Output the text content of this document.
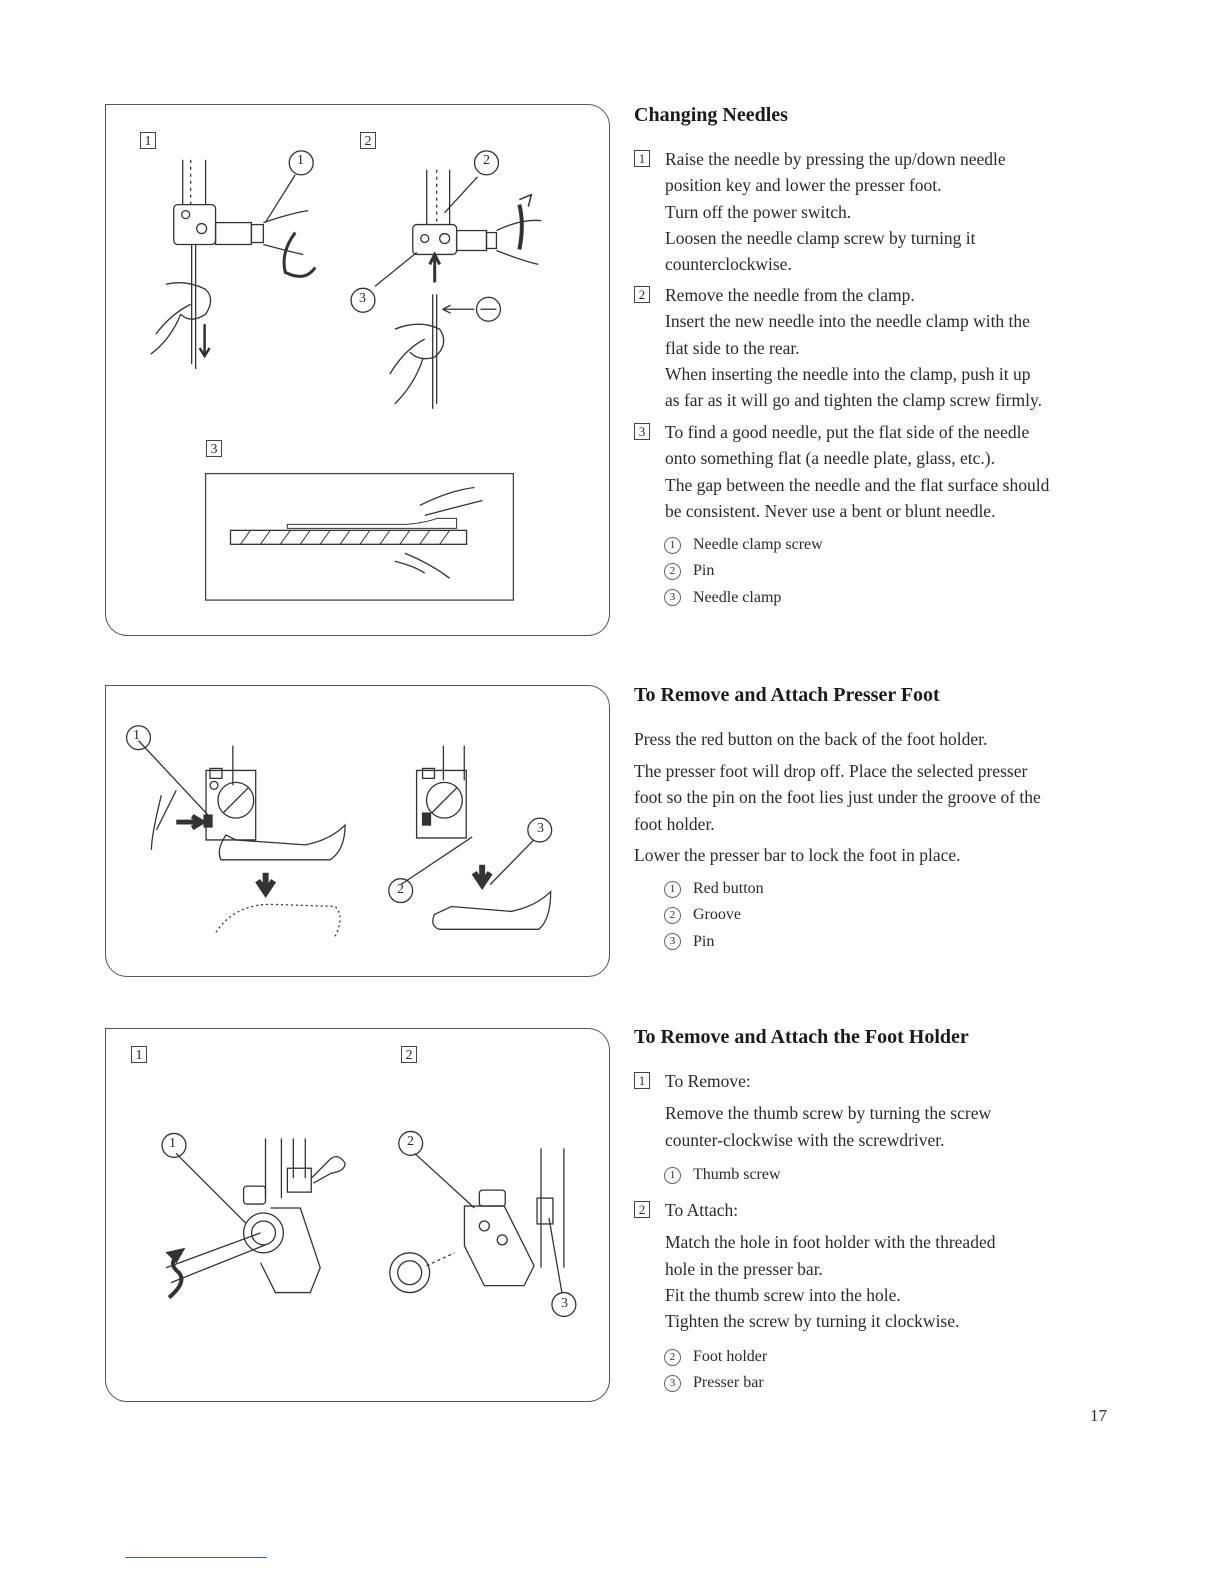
1	2
3
1	2
3
1
2
3
1	2
1	2
3
Changing Needles
1 Raise the needle by pressing the up/down needle
position key and lower the presser foot.
Turn off the power switch.
Loosen the needle clamp screw by turning it
counterclockwise.
2 Remove the needle from the clamp.
Insert the new needle into the needle clamp with the
flat side to the rear.
When inserting the needle into the clamp, push it up
as far as it will go and tighten the clamp screw firmly.
3 To find a good needle, put the flat side of the needle
onto something flat (a needle plate, glass, etc.).
The gap between the needle and the flat surface should
be consistent. Never use a bent or blunt needle.
1	Needle clamp screw
2	Pin
3	Needle clamp
To Remove and Attach Presser Foot
Press the red button on the back of the foot holder.
The presser foot will drop off. Place the selected presser
foot so the pin on the foot lies just under the groove of the
foot holder.
Lower the presser bar to lock the foot in place.
1	Red button
2	Groove
3	Pin
To Remove and Attach the Foot Holder
1 To Remove:
Remove the thumb screw by turning the screw
counter-clockwise with the screwdriver.
1	Thumb screw
2 To Attach:
Match the hole in foot holder with the threaded
hole in the presser bar.
Fit the thumb screw into the hole.
Tighten the screw by turning it clockwise.
2	Foot holder
3	Presser bar
17
